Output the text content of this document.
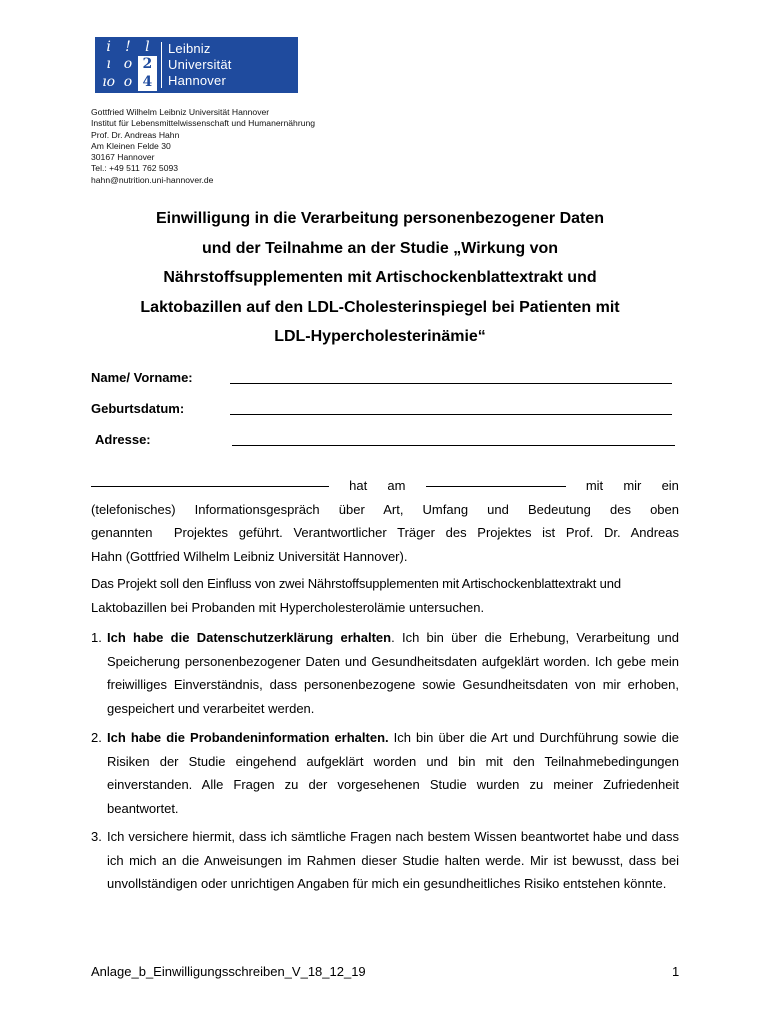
i	!	l
ı o 2
ıo o 4
Leibniz
Universität
Hannover
Gottfried Wilhelm Leibniz Universität Hannover
Institut für Lebensmittelwissenschaft und Humanernährung
Prof. Dr. Andreas Hahn
Am Kleinen Felde 30
30167 Hannover
Tel.: +49 511 762 5093
hahn@nutrition.uni-hannover.de
Einwilligung in die Verarbeitung personenbezogener Daten
und der Teilnahme an der Studie „Wirkung von
Nährstoffsupplementen mit Artischockenblattextrakt und
Laktobazillen auf den LDL-Cholesterinspiegel bei Patienten mit
LDL-Hypercholesterinämie“
Name/ Vorname:
Geburtsdatum:
Adresse:
hat am	mit mir ein
(telefonisches) Informationsgespräch über Art, Umfang und Bedeutung des oben
genannten  Projektes geführt. Verantwortlicher Träger des Projektes ist Prof. Dr. Andreas
Hahn (Gottfried Wilhelm Leibniz Universität Hannover).
Das Projekt soll den Einfluss von zwei Nährstoffsupplementen mit Artischockenblattextrakt und
Laktobazillen bei Probanden mit Hypercholesterolämie untersuchen.
1. Ich habe die Datenschutzerklärung erhalten. Ich bin über die Erhebung, Verarbeitung und Speicherung personenbezogener Daten und Gesundheitsdaten aufgeklärt worden. Ich gebe mein freiwilliges Einverständnis, dass personenbezogene sowie Gesundheitsdaten von mir erhoben, gespeichert und verarbeitet werden.
2. Ich habe die Probandeninformation erhalten. Ich bin über die Art und Durchführung sowie die Risiken der Studie eingehend aufgeklärt worden und bin mit den Teilnahmebedingungen einverstanden. Alle Fragen zu der vorgesehenen Studie wurden zu meiner Zufriedenheit beantwortet.
3. Ich versichere hiermit, dass ich sämtliche Fragen nach bestem Wissen beantwortet habe und dass ich mich an die Anweisungen im Rahmen dieser Studie halten werde. Mir ist bewusst, dass bei unvollständigen oder unrichtigen Angaben für mich ein gesundheitliches Risiko entstehen könnte.
Anlage_b_Einwilligungsschreiben_V_18_12_19	1
